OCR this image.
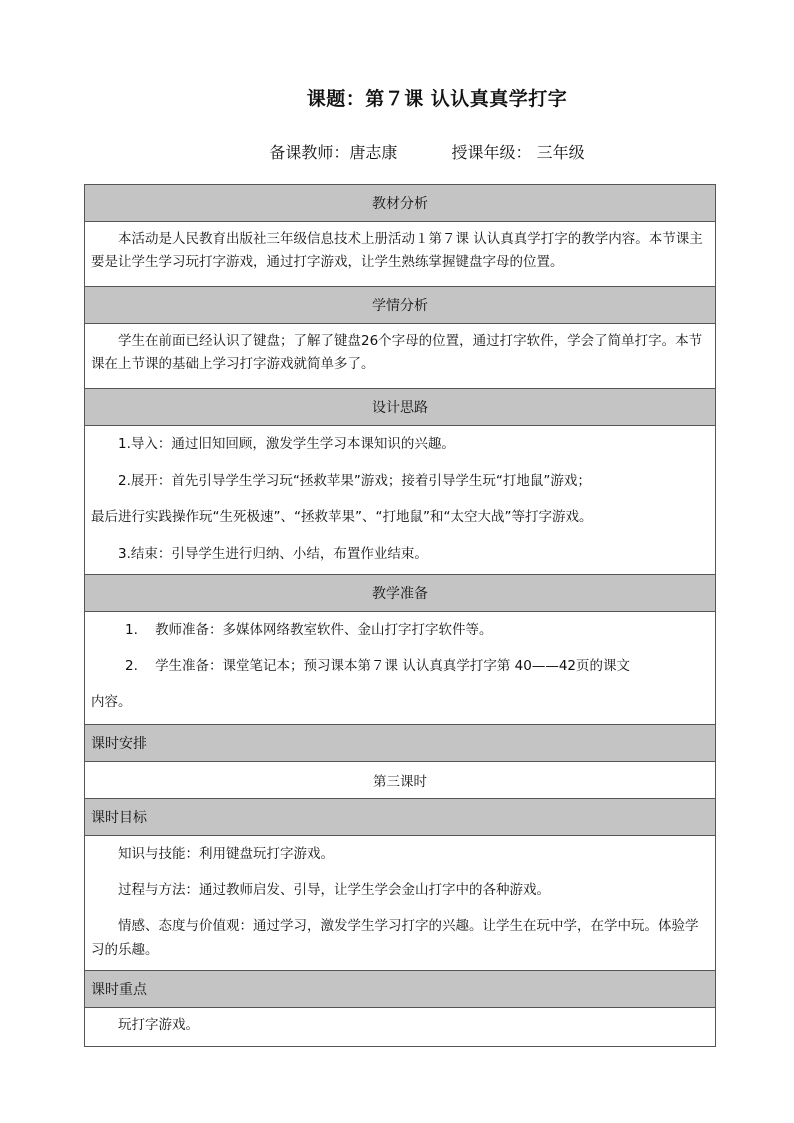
课题：第７课 认认真真学打字
备课教师：唐志康	授课年级： 三年级
教材分析

本活动是人民教育出版社三年级信息技术上册活动１第７课 认认真真学打字的教学内容。本节课主要是让学生学习玩打字游戏，通过打字游戏，让学生熟练掌握键盘字母的位置。

学情分析

学生在前面已经认识了键盘；了解了键盘26个字母的位置，通过打字软件，学会了简单打字。本节课在上节课的基础上学习打字游戏就简单多了。

设计思路

1.导入：通过旧知回顾，激发学生学习本课知识的兴趣。

2.展开：首先引导学生学习玩“拯救苹果”游戏；接着引导学生玩“打地鼠”游戏；

最后进行实践操作玩“生死极速”、“拯救苹果”、“打地鼠”和“太空大战”等打字游戏。

3.结束：引导学生进行归纳、小结，布置作业结束。

教学准备

1. 教师准备：多媒体网络教室软件、金山打字打字软件等。

2. 学生准备：课堂笔记本；预习课本第７课 认认真真学打字第 40——42页的课文

内容。

课时安排
第三课时
课时目标

知识与技能：利用键盘玩打字游戏。

过程与方法：通过教师启发、引导，让学生学会金山打字中的各种游戏。

情感、态度与价值观：通过学习，激发学生学习打字的兴趣。让学生在玩中学，在学中玩。体验学习的乐趣。

课时重点

玩打字游戏。
